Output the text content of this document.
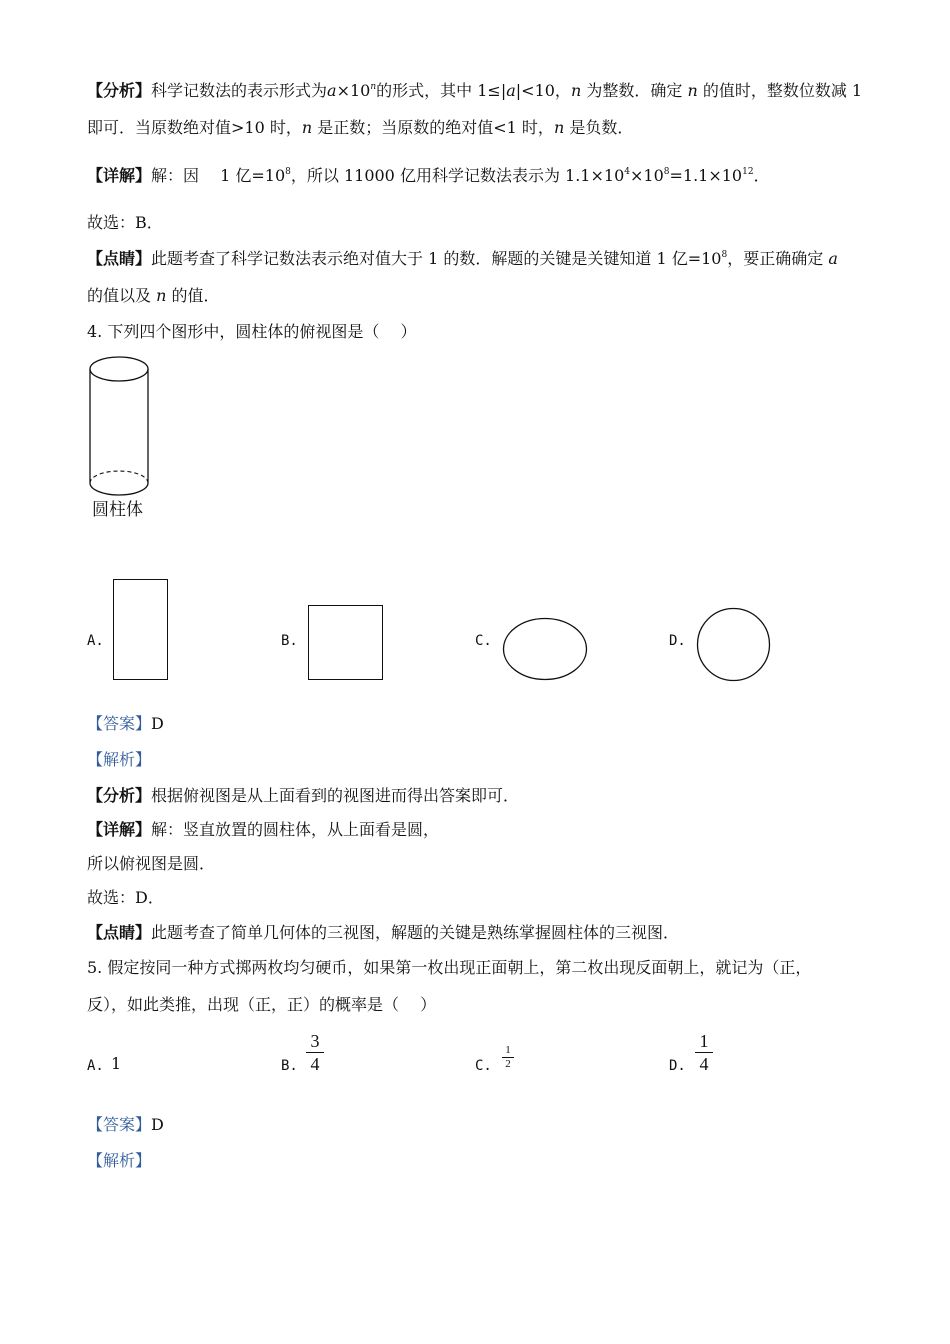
【分析】科学记数法的表示形式为$a\times 10^n$的形式，其中 1≤|a|<10，n 为整数．确定 n 的值时，整数位数减 1
即可．当原数绝对值>10 时，n 是正数；当原数的绝对值<1 时，n 是负数．
【详解】解：因　 1 亿$=10^8$，所以 11000 亿用科学记数法表示为 $1.1\times 10^4\times 10^8=1.1\times 10^{12}$．
故选：B．
【点睛】此题考查了科学记数法表示绝对值大于 1 的数．解题的关键是关键知道 1 亿$=10^8$，要正确确定 a
的值以及 n 的值．
4. 下列四个图形中，圆柱体的俯视图是（　 ）
圆柱体
A.	B.	C.	D.
【答案】D
【解析】
【分析】根据俯视图是从上面看到的视图进而得出答案即可．
【详解】解：竖直放置的圆柱体，从上面看是圆，
所以俯视图是圆．
故选：D．
【点睛】此题考查了简单几何体的三视图，解题的关键是熟练掌握圆柱体的三视图．
5. 假定按同一种方式掷两枚均匀硬币，如果第一枚出现正面朝上，第二枚出现反面朝上，就记为（正，
反），如此类推，出现（正，正）的概率是（　 ）
A. 1	B.
3
4	C.
1
2	D.
1
4
【答案】D
【解析】
